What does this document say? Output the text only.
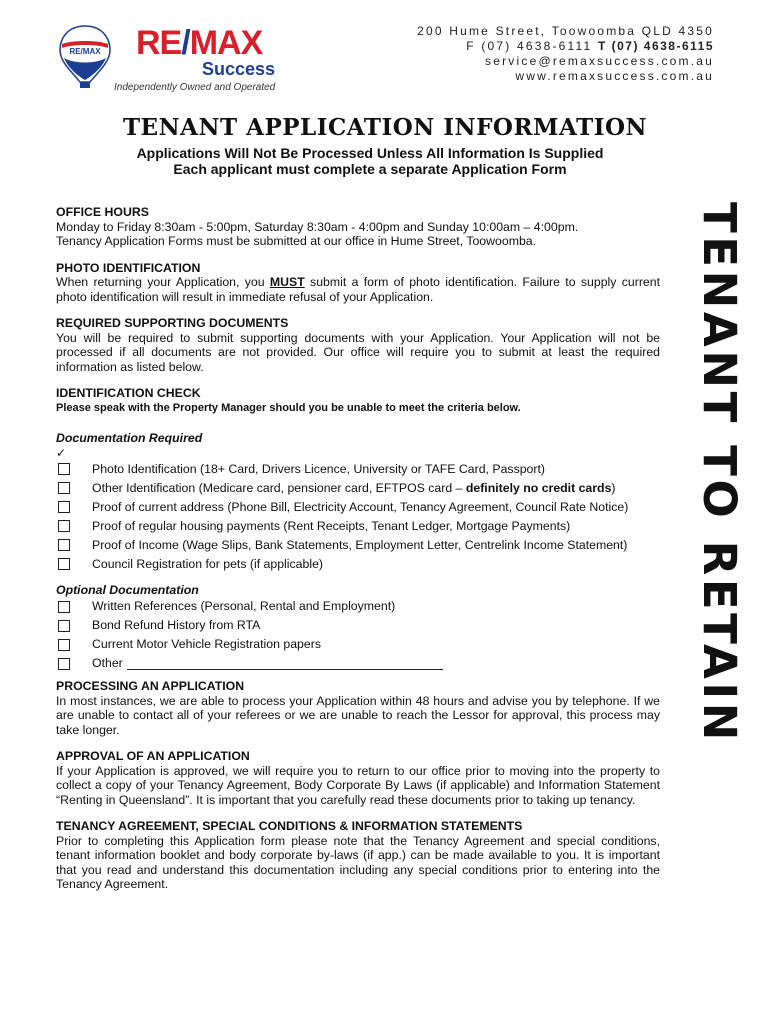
RE/MAX RE/MAX
Success
Independently Owned and Operated
200 Hume Street, Toowoomba QLD 4350
F (07) 4638-6111 T (07) 4638-6115
service@remaxsuccess.com.au
www.remaxsuccess.com.au
TENANT APPLICATION INFORMATION
Applications Will Not Be Processed Unless All Information Is Supplied
Each applicant must complete a separate Application Form
TENANT TO RETAIN
OFFICE HOURS
Monday to Friday 8:30am - 5:00pm, Saturday 8:30am - 4:00pm and Sunday 10:00am – 4:00pm.
Tenancy Application Forms must be submitted at our office in Hume Street, Toowoomba.
PHOTO IDENTIFICATION
When returning your Application, you MUST submit a form of photo identification. Failure to supply current photo identification will result in immediate refusal of your Application.
REQUIRED SUPPORTING DOCUMENTS
You will be required to submit supporting documents with your Application. Your Application will not be processed if all documents are not provided. Our office will require you to submit at least the required information as listed below.
IDENTIFICATION CHECK
Please speak with the Property Manager should you be unable to meet the criteria below.
Documentation Required
✓
Photo Identification (18+ Card, Drivers Licence, University or TAFE Card, Passport)
Other Identification (Medicare card, pensioner card, EFTPOS card – definitely no credit cards)
Proof of current address (Phone Bill, Electricity Account, Tenancy Agreement, Council Rate Notice)
Proof of regular housing payments (Rent Receipts, Tenant Ledger, Mortgage Payments)
Proof of Income (Wage Slips, Bank Statements, Employment Letter, Centrelink Income Statement)
Council Registration for pets (if applicable)
Optional Documentation
Written References (Personal, Rental and Employment)
Bond Refund History from RTA
Current Motor Vehicle Registration papers
Other
PROCESSING AN APPLICATION
In most instances, we are able to process your Application within 48 hours and advise you by telephone. If we are unable to contact all of your referees or we are unable to reach the Lessor for approval, this process may take longer.
APPROVAL OF AN APPLICATION
If your Application is approved, we will require you to return to our office prior to moving into the property to collect a copy of your Tenancy Agreement, Body Corporate By Laws (if applicable) and Information Statement “Renting in Queensland”. It is important that you carefully read these documents prior to taking up tenancy.
TENANCY AGREEMENT, SPECIAL CONDITIONS & INFORMATION STATEMENTS
Prior to completing this Application form please note that the Tenancy Agreement and special conditions, tenant information booklet and body corporate by-laws (if app.) can be made available to you. It is important that you read and understand this documentation including any special conditions prior to entering into the Tenancy Agreement.
